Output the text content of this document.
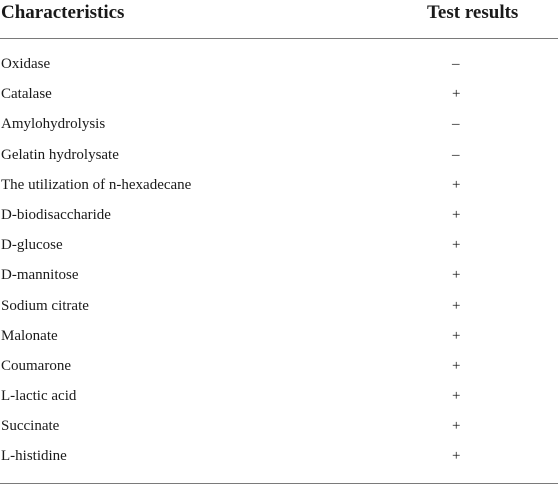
Characteristics	Test results
Oxidase	–
Catalase	+
Amylohydrolysis	–
Gelatin hydrolysate	–
The utilization of n-hexadecane	+
D-biodisaccharide	+
D-glucose	+
D-mannitose	+
Sodium citrate	+
Malonate	+
Coumarone	+
L-lactic acid	+
Succinate	+
L-histidine	+
